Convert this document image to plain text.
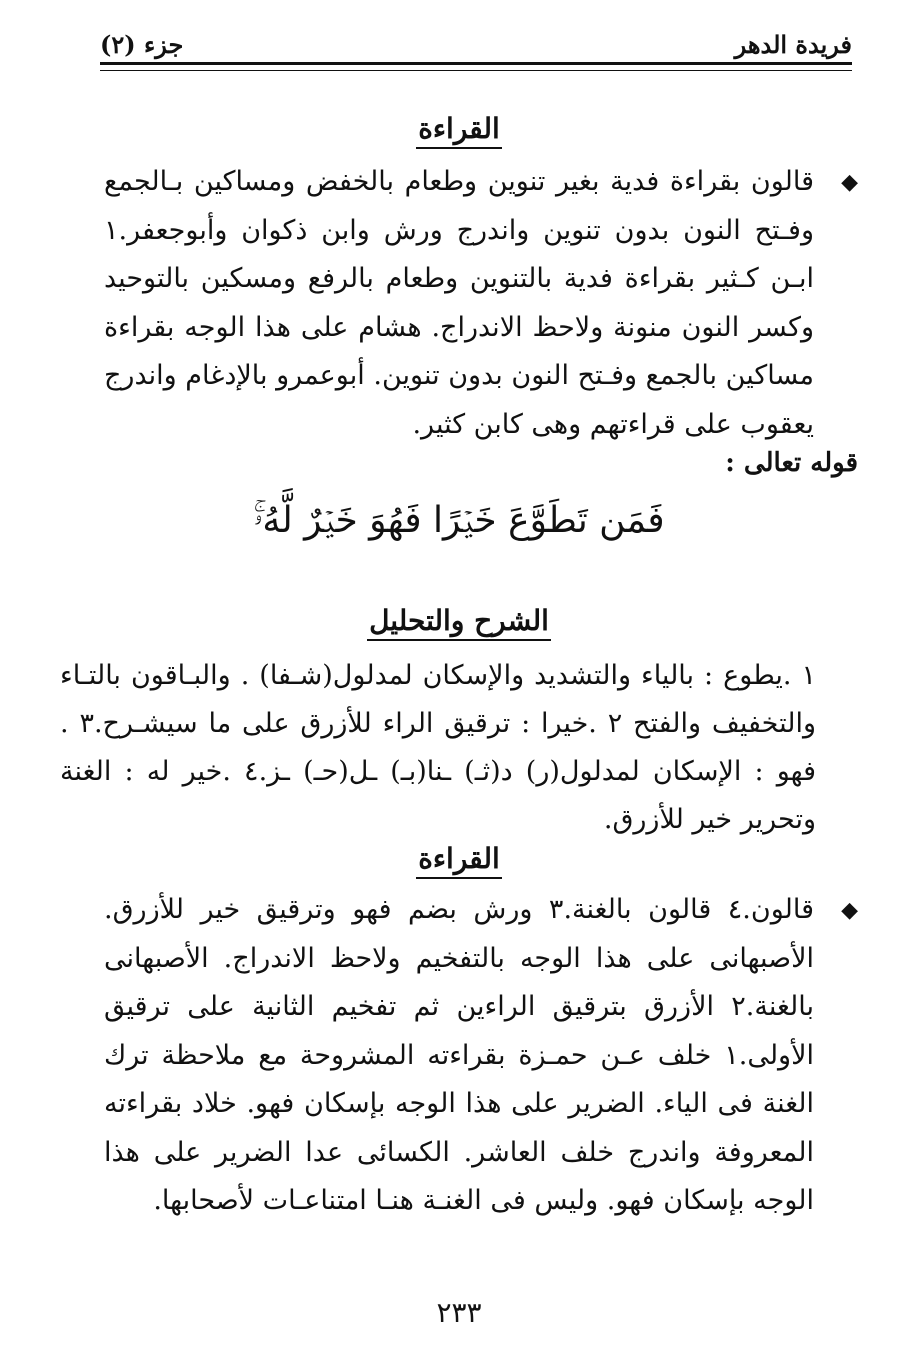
فريدة الدهر
جزء (٢)
القراءة
◆
قالون بقراءة فدية بغير تنوين وطعام بالخفض ومساكين بـالجمع وفـتح النون بدون تنوين واندرج ورش وابن ذكوان وأبوجعفر.١ ابـن كـثير بقراءة فدية بالتنوين وطعام بالرفع ومسكين بالتوحيد وكسر النون منونة ولاحظ الاندراج. هشام على هذا الوجه بقراءة مساكين بالجمع وفـتح النون بدون تنوين. أبوعمرو بالإدغام واندرج يعقوب على قراءتهم وهى كابن كثير.
قوله تعالى :
فَمَن تَطَوَّعَ خَيۡرًا فَهُوَ خَيۡرٌ لَّهُۥۚ
الشرح والتحليل
١ .يطوع : بالياء والتشديد والإسكان لمدلول(شـفا) . والبـاقون بالتـاء والتخفيف والفتح ٢ .خيرا : ترقيق الراء للأزرق على ما سيشـرح.٣ . فهو : الإسكان لمدلول(ر) د(ثـ) ـنا(بـ) ـل(حـ) ـز.٤ .خير له : الغنة وتحرير خير للأزرق.
القراءة
◆
قالون.٤ قالون بالغنة.٣ ورش بضم فهو وترقيق خير للأزرق. الأصبهانى على هذا الوجه بالتفخيم ولاحظ الاندراج. الأصبهانى بالغنة.٢ الأزرق بترقيق الراءين ثم تفخيم الثانية على ترقيق الأولى.١ خلف عـن حمـزة بقراءته المشروحة مع ملاحظة ترك الغنة فى الياء. الضرير على هذا الوجه بإسكان فهو. خلاد بقراءته المعروفة واندرج خلف العاشر. الكسائى عدا الضرير على هذا الوجه بإسكان فهو. وليس فى الغنـة هنـا امتناعـات لأصحابها.
٢٣٣
